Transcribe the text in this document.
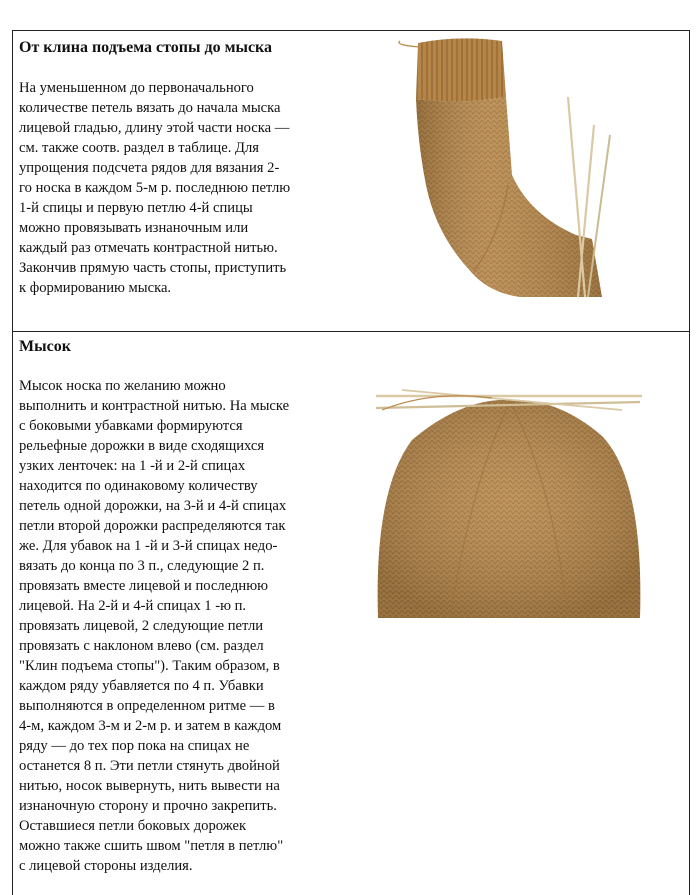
От клина подъема стопы до мыска
На уменьшенном до первоначального
количестве петель вязать до начала мыска
лицевой гладью, длину этой части носка —
см. также соотв. раздел в таблице. Для
упрощения подсчета рядов для вязания 2-
го носка в каждом 5-м р. последнюю петлю
1-й спицы и первую петлю 4-й спицы
можно провязывать изнаночным или
каждый раз отмечать контрастной нитью.
Закончив прямую часть стопы, приступить
к формированию мыска.
Мысок
Мысок носка по желанию можно
выполнить и контрастной нитью. На мыске
с боковыми убавками формируются
рельефные дорожки в виде сходящихся
узких ленточек: на 1 -й и 2-й спицах
находится по одинаковому количеству
петель одной дорожки, на 3-й и 4-й спицах
петли второй дорожки распределяются так
же. Для убавок на 1 -й и 3-й спицах недо-
вязать до конца по 3 п., следующие 2 п.
провязать вместе лицевой и последнюю
лицевой. На 2-й и 4-й спицах 1 -ю п.
провязать лицевой, 2 следующие петли
провязать с наклоном влево (см. раздел
"Клин подъема стопы"). Таким образом, в
каждом ряду убавляется по 4 п. Убавки
выполняются в определенном ритме — в
4-м, каждом 3-м и 2-м р. и затем в каждом
ряду — до тех пор пока на спицах не
останется 8 п. Эти петли стянуть двойной
нитью, носок вывернуть, нить вывести на
изнаночную сторону и прочно закрепить.
Оставшиеся петли боковых дорожек
можно также сшить швом "петля в петлю"
с лицевой стороны изделия.
